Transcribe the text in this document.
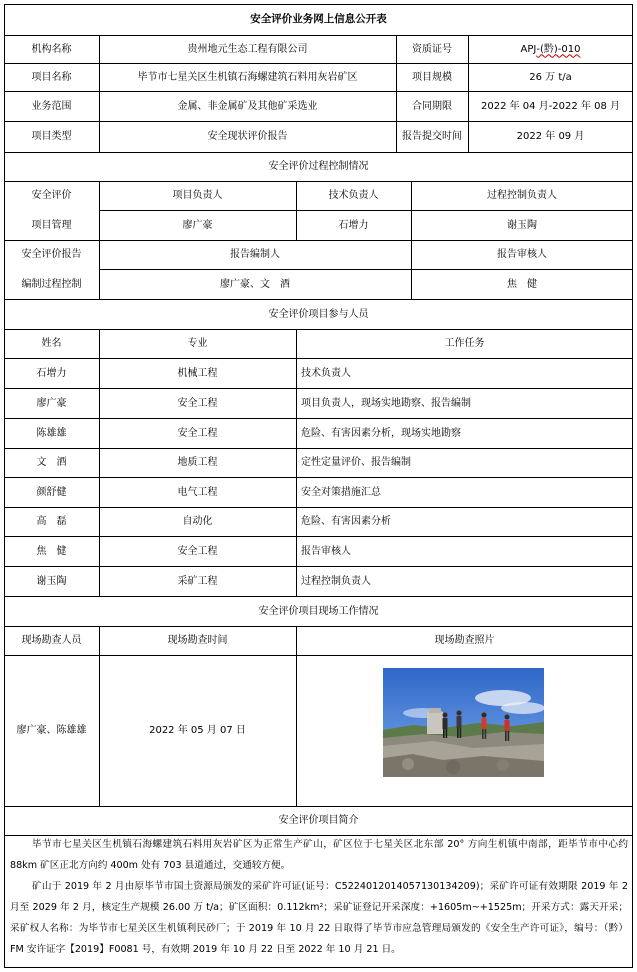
安全评价业务网上信息公开表
机构名称	贵州地元生态工程有限公司	资质证号	APJ -(黔)-010
项目名称	毕节市七星关区生机镇石海螺建筑石料用灰岩矿区	项目规模	26 万 t/a
业务范围	金属、非金属矿及其他矿采选业	合同期限	2022 年 04 月-2022 年 08 月
项目类型	安全现状评价报告	报告提交时间	2022 年 09 月
安全评价过程控制情况
安全评价
项目管理
项目负责人	技术负责人	过程控制负责人
廖广豪	石增力	谢玉陶
安全评价报告
编制过程控制
报告编制人	报告审核人
廖广豪、文　酒	焦　健
安全评价项目参与人员
姓名	专业	工作任务
石增力	机械工程	技术负责人
廖广豪	安全工程	项目负责人，现场实地勘察、报告编制
陈雄雄	安全工程	危险、有害因素分析，现场实地勘察
文　酒	地质工程	定性定量评价、报告编制
颜舒健	电气工程	安全对策措施汇总
高　磊	自动化	危险、有害因素分析
焦　健	安全工程	报告审核人
谢玉陶	采矿工程	过程控制负责人
安全评价项目现场工作情况
现场勘查人员	现场勘查时间	现场勘查照片
廖广豪、陈雄雄	2022 年 05 月 07 日
安全评价项目简介
毕节市七星关区生机镇石海螺建筑石料用灰岩矿区为正常生产矿山，矿区位于七星关区北东部 20° 方向生机镇中南部，距毕节市中心约 88km 矿区正北方向约 400m 处有 703 县道通过，交通较方便。
矿山于 2019 年 2 月由原毕节市国土资源局颁发的采矿许可证(证号：C5224012014057130134209)；采矿许可证有效期限 2019 年 2 月至 2029 年 2 月，核定生产规模 26.00 万 t/a；矿区面积：0.112km²；采矿证登记开采深度：+1605m~+1525m；开采方式：露天开采；采矿权人名称：为毕节市七星关区生机镇利民砂厂；于 2019 年 10 月 22 日取得了毕节市应急管理局颁发的《安全生产许可证》，编号：（黔）FM 安许证字【2019】F0081 号，有效期 2019 年 10 月 22 日至 2022 年 10 月 21 日。
